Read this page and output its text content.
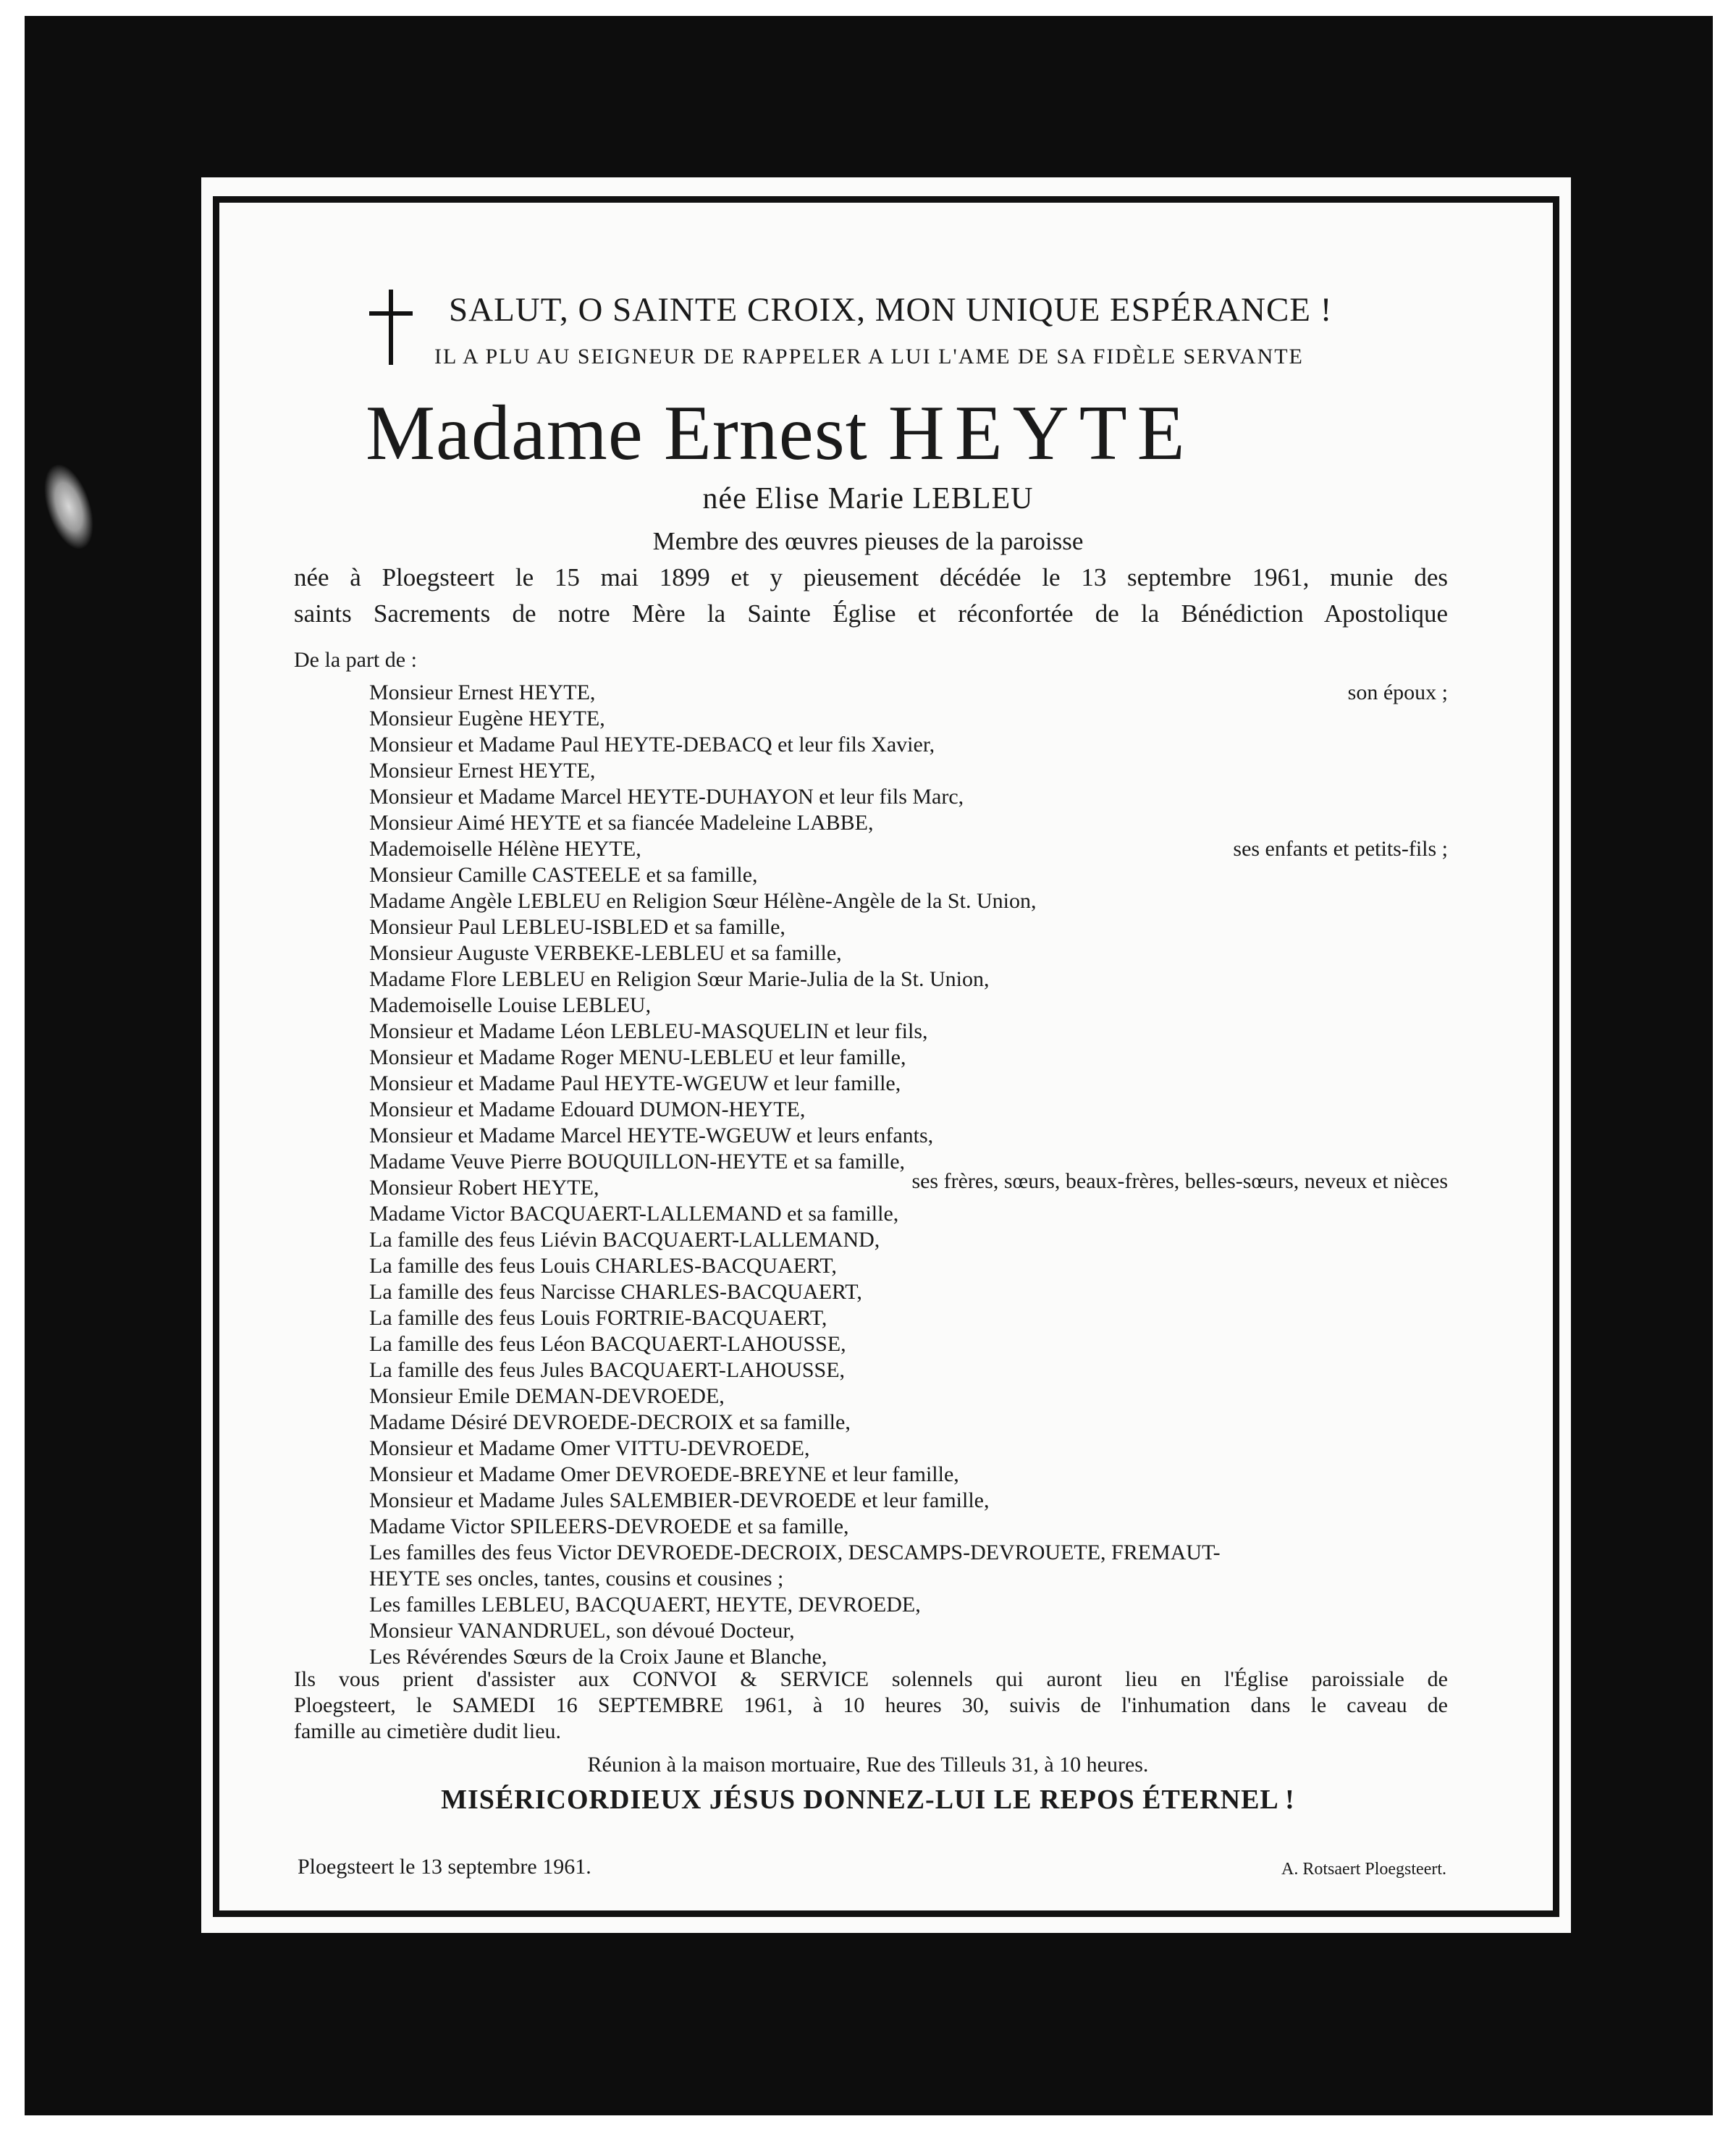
SALUT, O SAINTE CROIX, MON UNIQUE ESPÉRANCE !
IL A PLU AU SEIGNEUR DE RAPPELER A LUI L'AME DE SA FIDÈLE SERVANTE
Madame Ernest HEYTE
née Elise Marie LEBLEU
Membre des œuvres pieuses de la paroisse
née à Ploegsteert le 15 mai 1899 et y pieusement décédée le 13 septembre 1961, munie des
saints Sacrements de notre Mère la Sainte Église et réconfortée de la Bénédiction Apostolique
De la part de :
Monsieur Ernest HEYTE,
Monsieur Eugène HEYTE,
Monsieur et Madame Paul HEYTE-DEBACQ et leur fils Xavier,
Monsieur Ernest HEYTE,
Monsieur et Madame Marcel HEYTE-DUHAYON et leur fils Marc,
Monsieur Aimé HEYTE et sa fiancée Madeleine LABBE,
Mademoiselle Hélène HEYTE,
Monsieur Camille CASTEELE et sa famille,
Madame Angèle LEBLEU en Religion Sœur Hélène-Angèle de la St. Union,
Monsieur Paul LEBLEU-ISBLED et sa famille,
Monsieur Auguste VERBEKE-LEBLEU et sa famille,
Madame Flore LEBLEU en Religion Sœur Marie-Julia de la St. Union,
Mademoiselle Louise LEBLEU,
Monsieur et Madame Léon LEBLEU-MASQUELIN et leur fils,
Monsieur et Madame Roger MENU-LEBLEU et leur famille,
Monsieur et Madame Paul HEYTE-WGEUW et leur famille,
Monsieur et Madame Edouard DUMON-HEYTE,
Monsieur et Madame Marcel HEYTE-WGEUW et leurs enfants,
Madame Veuve Pierre BOUQUILLON-HEYTE et sa famille,
Monsieur Robert HEYTE,
Madame Victor BACQUAERT-LALLEMAND et sa famille,
La famille des feus Liévin BACQUAERT-LALLEMAND,
La famille des feus Louis CHARLES-BACQUAERT,
La famille des feus Narcisse CHARLES-BACQUAERT,
La famille des feus Louis FORTRIE-BACQUAERT,
La famille des feus Léon BACQUAERT-LAHOUSSE,
La famille des feus Jules BACQUAERT-LAHOUSSE,
Monsieur Emile DEMAN-DEVROEDE,
Madame Désiré DEVROEDE-DECROIX et sa famille,
Monsieur et Madame Omer VITTU-DEVROEDE,
Monsieur et Madame Omer DEVROEDE-BREYNE et leur famille,
Monsieur et Madame Jules SALEMBIER-DEVROEDE et leur famille,
Madame Victor SPILEERS-DEVROEDE et sa famille,
Les familles des feus Victor DEVROEDE-DECROIX, DESCAMPS-DEVROUETE, FREMAUT-
HEYTE ses oncles, tantes, cousins et cousines ;
Les familles LEBLEU, BACQUAERT, HEYTE, DEVROEDE,
Monsieur VANANDRUEL, son dévoué Docteur,
Les Révérendes Sœurs de la Croix Jaune et Blanche,
son époux ;
ses enfants et petits-fils ;
ses frères, sœurs, beaux-frères, belles-sœurs, neveux et nièces
Ils vous prient d'assister aux CONVOI & SERVICE solennels qui auront lieu en l'Église paroissiale de
Ploegsteert, le SAMEDI 16 SEPTEMBRE 1961, à 10 heures 30, suivis de l'inhumation dans le caveau de
famille au cimetière dudit lieu.
Réunion à la maison mortuaire, Rue des Tilleuls 31, à 10 heures.
MISÉRICORDIEUX JÉSUS DONNEZ-LUI LE REPOS ÉTERNEL !
Ploegsteert le 13 septembre 1961.	A. Rotsaert Ploegsteert.
